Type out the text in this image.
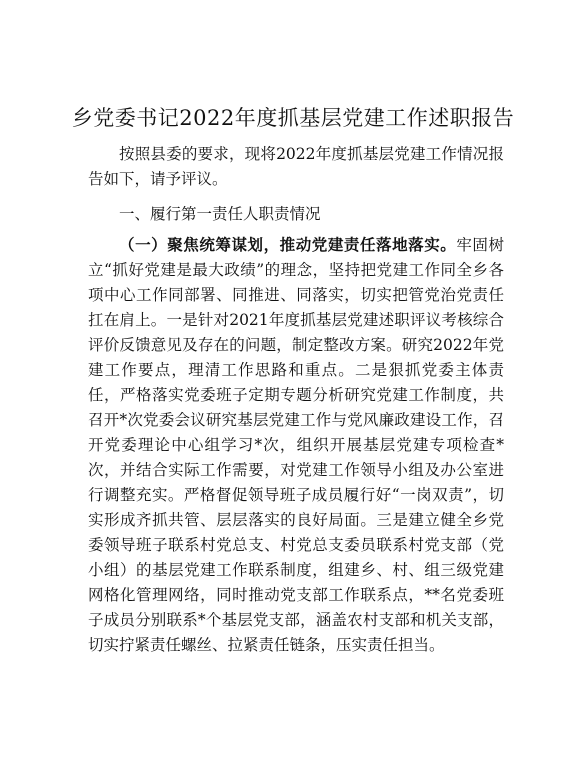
乡党委书记2022年度抓基层党建工作述职报告

按照县委的要求，现将2022年度抓基层党建工作情况报告如下，请予评议。

一、履行第一责任人职责情况

（一）聚焦统筹谋划，推动党建责任落地落实。牢固树立“抓好党建是最大政绩”的理念，坚持把党建工作同全乡各项中心工作同部署、同推进、同落实，切实把管党治党责任扛在肩上。一是针对2021年度抓基层党建述职评议考核综合评价反馈意见及存在的问题，制定整改方案。研究2022年党建工作要点，理清工作思路和重点。二是狠抓党委主体责任，严格落实党委班子定期专题分析研究党建工作制度，共召开*次党委会议研究基层党建工作与党风廉政建设工作，召开党委理论中心组学习*次，组织开展基层党建专项检查*次，并结合实际工作需要，对党建工作领导小组及办公室进行调整充实。严格督促领导班子成员履行好“一岗双责”，切实形成齐抓共管、层层落实的良好局面。三是建立健全乡党委领导班子联系村党总支、村党总支委员联系村党支部（党小组）的基层党建工作联系制度，组建乡、村、组三级党建网格化管理网络，同时推动党支部工作联系点，**名党委班子成员分别联系*个基层党支部，涵盖农村支部和机关支部，切实拧紧责任螺丝、拉紧责任链条，压实责任担当。
